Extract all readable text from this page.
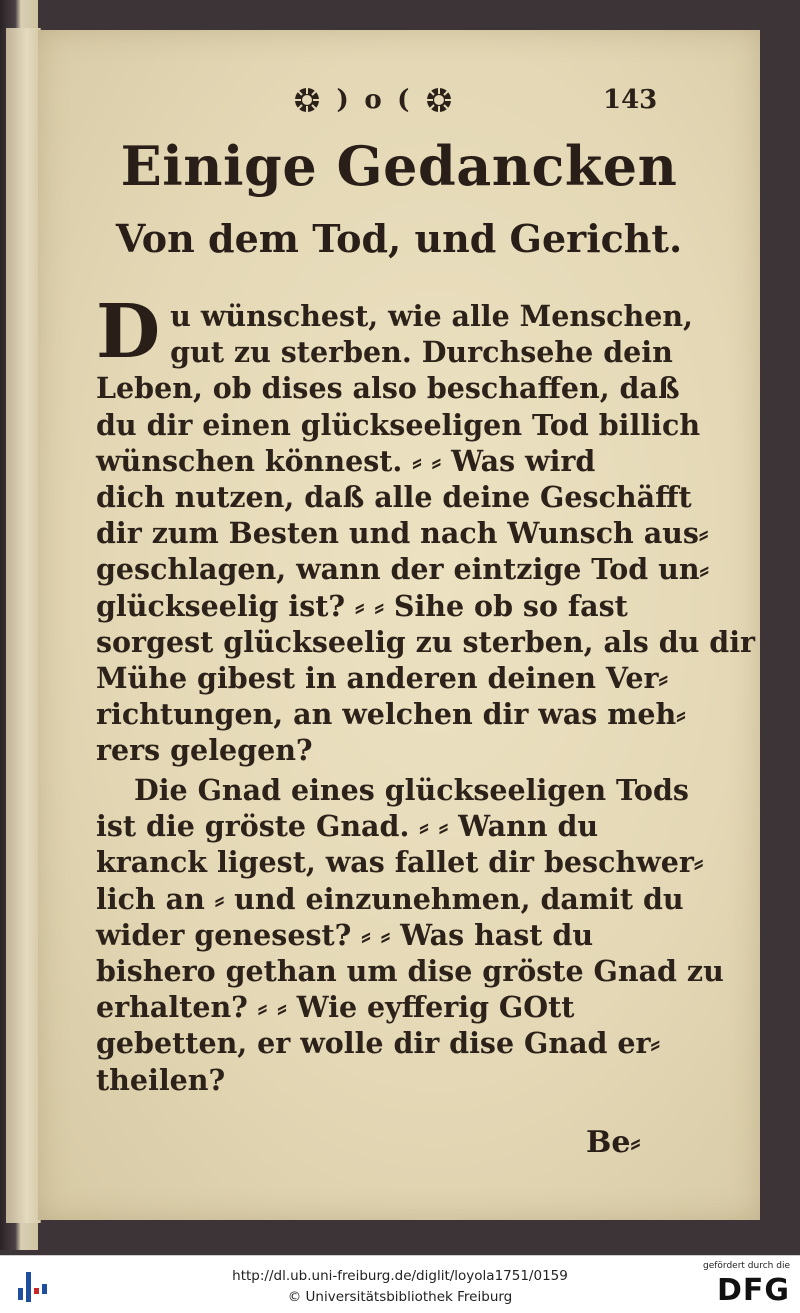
) o (	143
Einige Gedancken
Von dem Tod, und Gericht.
D u wünschest, wie alle Menschen,
gut zu sterben. Durchsehe dein
Leben, ob dises also beschaffen, daß
du dir einen glückseeligen Tod billich
wünschen könnest. ⸗ ⸗ Was wird
dich nutzen, daß alle deine Geschäfft
dir zum Besten und nach Wunsch aus⸗
geschlagen, wann der eintzige Tod un⸗
glückseelig ist? ⸗ ⸗ Sihe ob so fast
sorgest glückseelig zu sterben, als du dir
Mühe gibest in anderen deinen Ver⸗
richtungen, an welchen dir was meh⸗
rers gelegen?
Die Gnad eines glückseeligen Tods
ist die gröste Gnad. ⸗ ⸗ Wann du
kranck ligest, was fallet dir beschwer⸗
lich an ⸗ und einzunehmen, damit du
wider genesest? ⸗ ⸗ Was hast du
bishero gethan um dise gröste Gnad zu
erhalten? ⸗ ⸗ Wie eyfferig GOtt
gebetten, er wolle dir dise Gnad er⸗
theilen?
Be⸗
http://dl.ub.uni-freiburg.de/diglit/loyola1751/0159
© Universitätsbibliothek Freiburg
gefördert durch die
DFG
